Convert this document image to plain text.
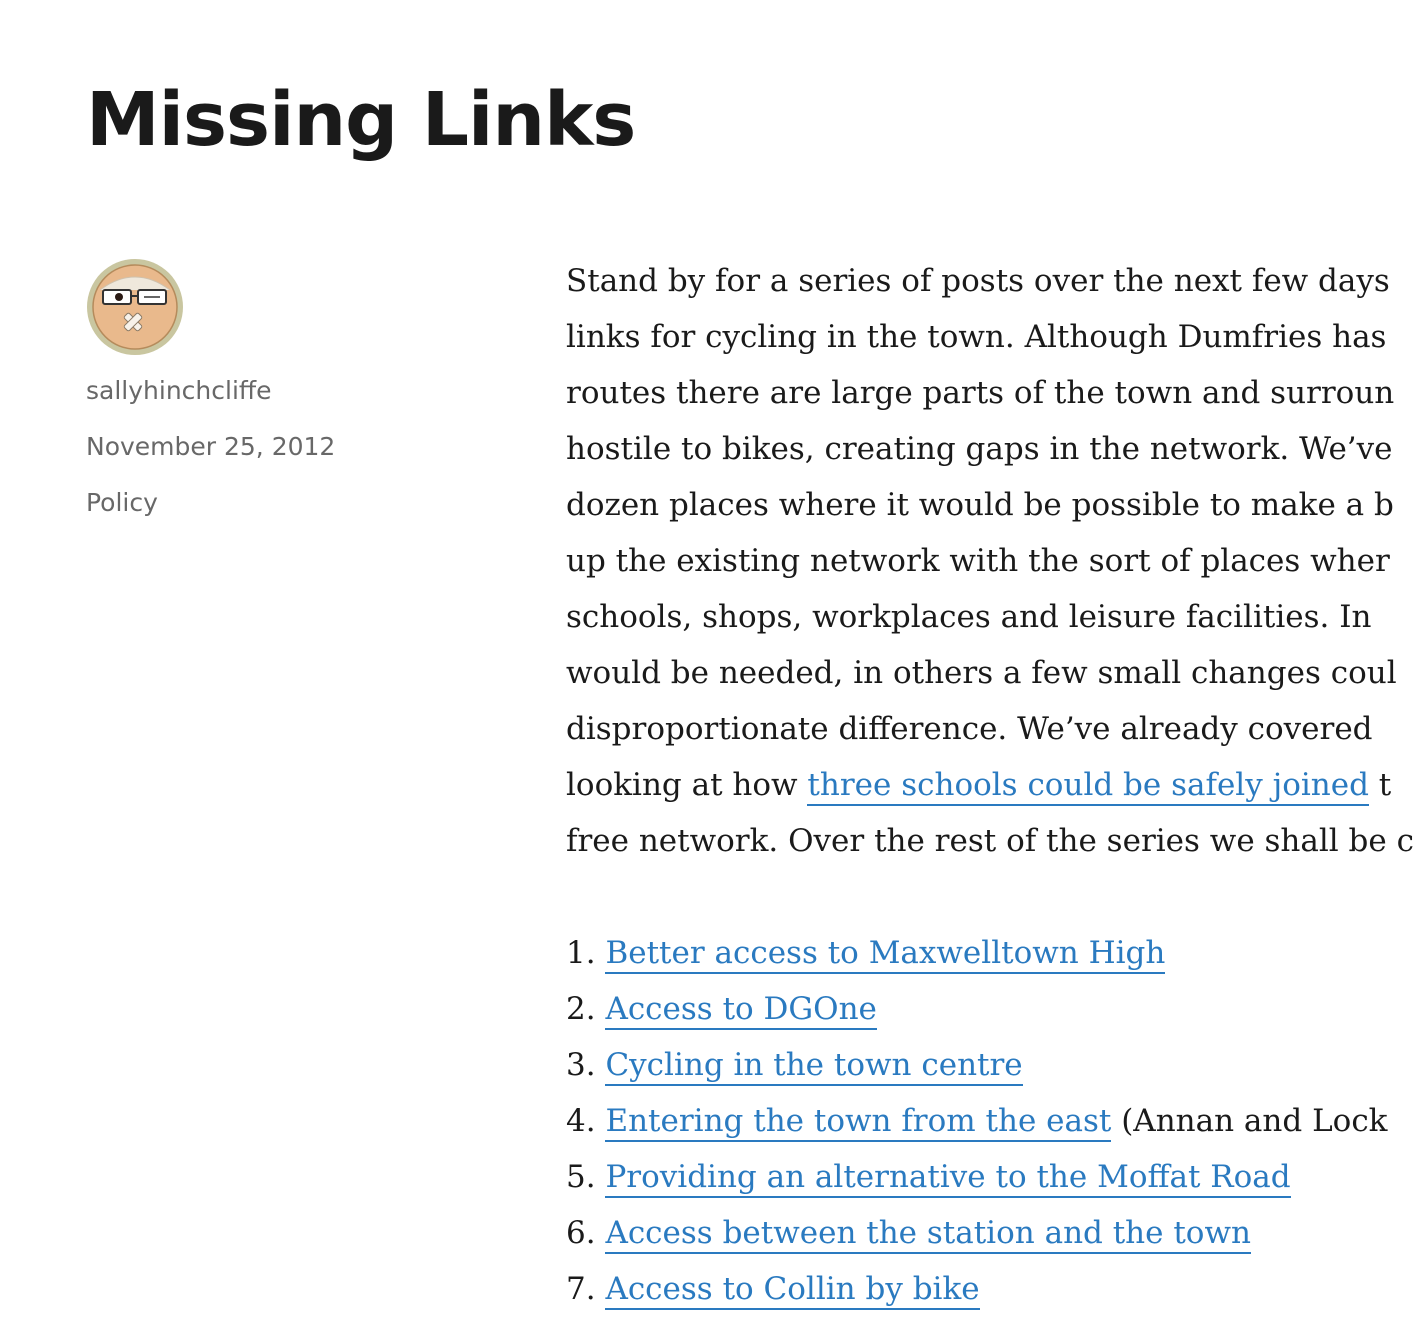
Missing Links
sallyhinchcliffe
November 25, 2012
Policy
Stand by for a series of posts over the next few days
links for cycling in the town. Although Dumfries has
routes there are large parts of the town and surroun
hostile to bikes, creating gaps in the network. We’ve
dozen places where it would be possible to make a b
up the existing network with the sort of places wher
schools, shops, workplaces and leisure facilities. In
would be needed, in others a few small changes coul
disproportionate difference. We’ve already covered
looking at how three schools could be safely joined t
free network. Over the rest of the series we shall be c
1. Better access to Maxwelltown High
2. Access to DGOne
3. Cycling in the town centre
4. Entering the town from the east (Annan and Lock
5. Providing an alternative to the Moffat Road
6. Access between the station and the town
7. Access to Collin by bike
